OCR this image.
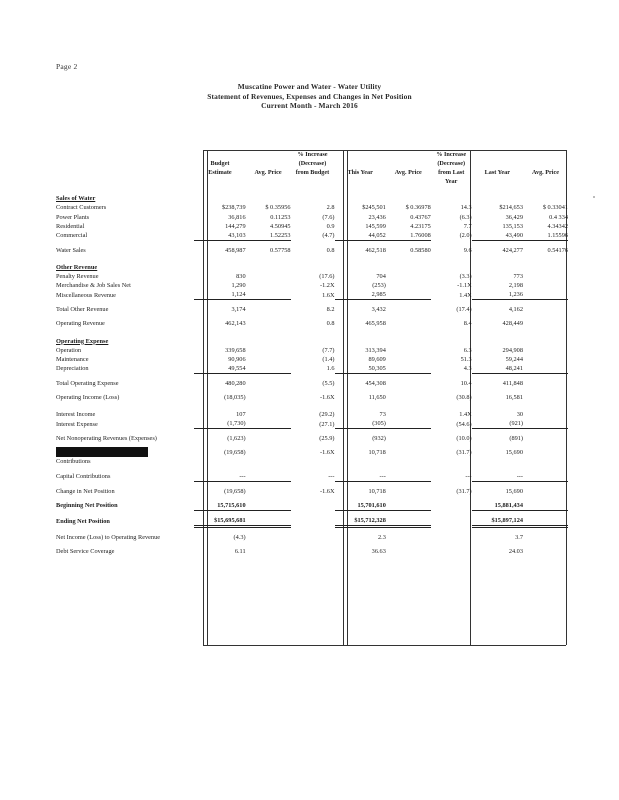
Page 2
Muscatine Power and Water - Water Utility
Statement of Revenues, Expenses and Changes in Net Position
Current Month - March 2016
			% Increase			% Increase		
	Budget		(Decrease)			(Decrease)		
	Estimate	Avg. Price	from Budget	This Year	Avg. Price	from Last	Last Year	Avg. Price
						Year		

Sales of Water								
Contract Customers	$238,739	$ 0.35956	2.8	$245,501	$ 0.36978	14.3	$214,653	$ 0.33041
Power Plants	36,816	0.11253	(7.6)	23,436	0.43767	(6.3)	36,429	0.4 334
Residential	144,279	4.50945	0.9	145,599	4.23175	7.7	135,153	4.34342
Commercial	43,103	1.52253	(4.7)	44,052	1.76008	(2.0)	43,490	1.15596

Water Sales	458,987	0.57758	0.8	462,518	0.58580	9.6	424,277	0.54176

Other Revenue								
Penalty Revenue	830		(17.6)	704		(3.3)	773	
Merchandise & Job Sales Net	1,290		-1.2X	(253)		-1.1X	2,198	
Miscellaneous Revenue	1,124		1.6X	2,985		1.4X	1,236	

Total Other Revenue	3,174		8.2	3,432		(17.4)	4,162	

Operating Revenue	462,143		0.8	465,958		8.4	428,449	

Operating Expense								
Operation	339,658		(7.7)	313,394		6.3	294,908	
Maintenance	90,906		(1.4)	89,609		51.3	59,244	
Depreciation	49,554		1.6	50,305		4.3	48,241	

Total Operating Expense	480,280		(5.5)	454,308		10.4	411,848	

Operating Income (Loss)	(18,035)		-1.6X	11,650		(30.8)	16,581	

Interest Income	107		(29.2)	73		1.4X	30	
Interest Expense	(1,730)		(27.1)	(305)		(54.6)	(921)	

Net Nonoperating Revenues (Expenses)	(1,623)		(25.9)	(932)		(10.0)	(891)	

	(19,658)		-1.6X	10,718		(31.7)	15,690	
Contributions								

Capital Contributions	---		---	---		---	---	

Change in Net Position	(19,658)		-1.6X	10,718		(31.7)	15,690	

Beginning Net Position	15,715,610			15,701,610			15,881,434	

Ending Net Position	$15,695,681			$15,712,328			$15,897,124	

Net Income (Loss) to Operating Revenue	(4.3)			2.3			3.7	

Debt Service Coverage	6.11			36.63			24.03	
